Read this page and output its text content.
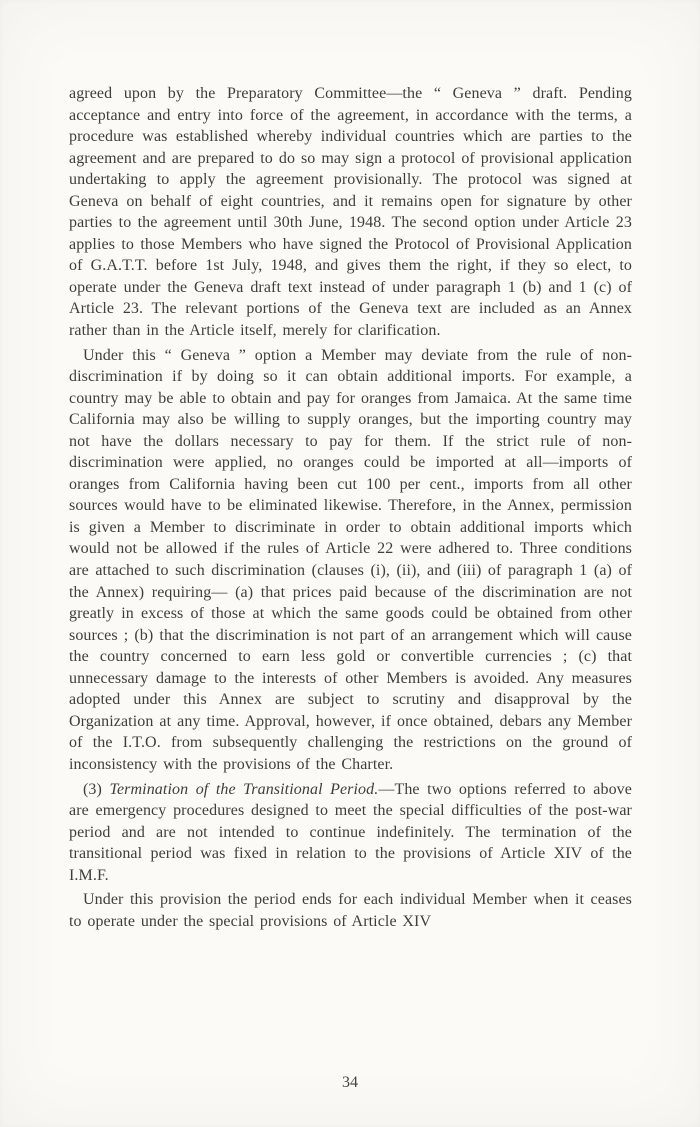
agreed upon by the Preparatory Committee—the “ Geneva ” draft. Pending acceptance and entry into force of the agreement, in accordance with the terms, a procedure was established whereby individual countries which are parties to the agreement and are prepared to do so may sign a protocol of provisional application undertaking to apply the agreement provisionally. The protocol was signed at Geneva on behalf of eight countries, and it remains open for signature by other parties to the agreement until 30th June, 1948. The second option under Article 23 applies to those Members who have signed the Protocol of Provisional Application of G.A.T.T. before 1st July, 1948, and gives them the right, if they so elect, to operate under the Geneva draft text instead of under paragraph 1 (b) and 1 (c) of Article 23. The relevant portions of the Geneva text are included as an Annex rather than in the Article itself, merely for clarification.

Under this “ Geneva ” option a Member may deviate from the rule of non-discrimination if by doing so it can obtain additional imports. For example, a country may be able to obtain and pay for oranges from Jamaica. At the same time California may also be willing to supply oranges, but the importing country may not have the dollars necessary to pay for them. If the strict rule of non-discrimination were applied, no oranges could be imported at all—imports of oranges from California having been cut 100 per cent., imports from all other sources would have to be eliminated likewise. Therefore, in the Annex, permission is given a Member to discriminate in order to obtain additional imports which would not be allowed if the rules of Article 22 were adhered to. Three conditions are attached to such discrimination (clauses (i), (ii), and (iii) of paragraph 1 (a) of the Annex) requiring— (a) that prices paid because of the discrimination are not greatly in excess of those at which the same goods could be obtained from other sources ; (b) that the discrimination is not part of an arrangement which will cause the country concerned to earn less gold or convertible currencies ; (c) that unnecessary damage to the interests of other Members is avoided. Any measures adopted under this Annex are subject to scrutiny and disapproval by the Organization at any time. Approval, however, if once obtained, debars any Member of the I.T.O. from subsequently challenging the restrictions on the ground of inconsistency with the provisions of the Charter.

(3) Termination of the Transitional Period.—The two options referred to above are emergency procedures designed to meet the special difficulties of the post-war period and are not intended to continue indefinitely. The termination of the transitional period was fixed in relation to the provisions of Article XIV of the I.M.F.

Under this provision the period ends for each individual Member when it ceases to operate under the special provisions of Article XIV

34
